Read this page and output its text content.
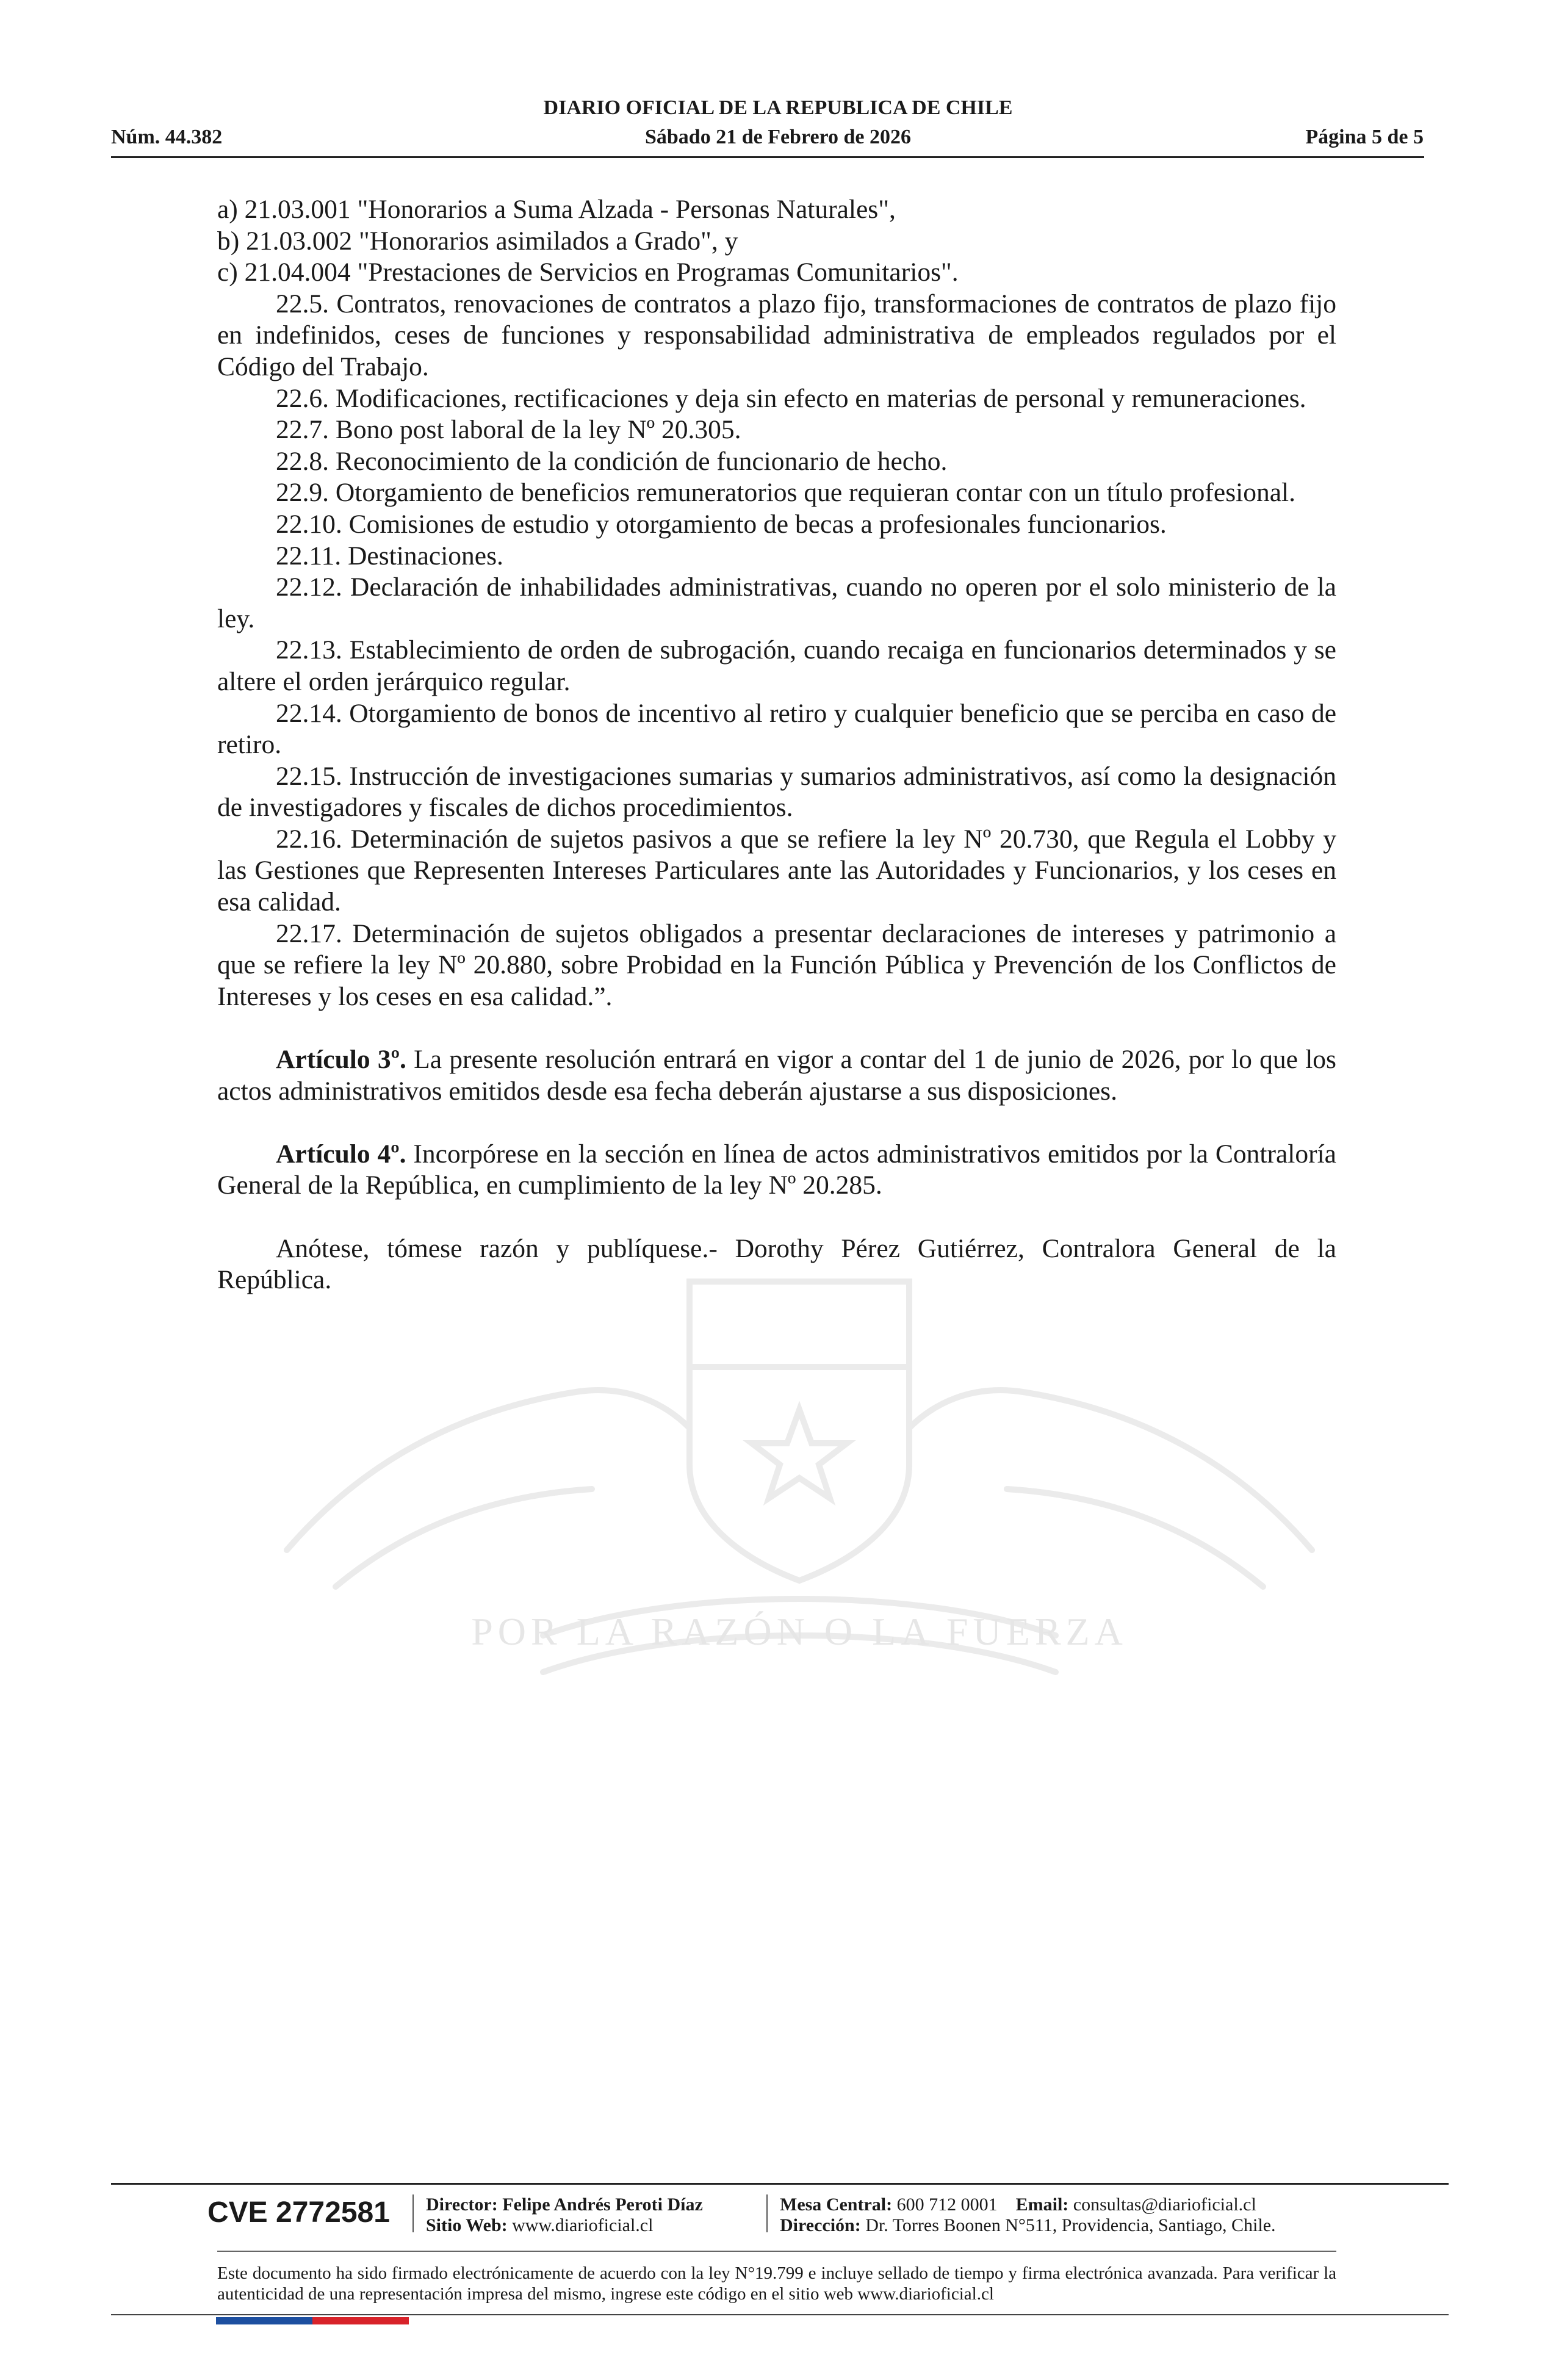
DIARIO OFICIAL DE LA REPUBLICA DE CHILE
Núm. 44.382	Sábado 21 de Febrero de 2026	Página 5 de 5
POR LA RAZÓN O LA FUERZA

a) 21.03.001 "Honorarios a Suma Alzada - Personas Naturales",

b) 21.03.002 "Honorarios asimilados a Grado", y

c) 21.04.004 "Prestaciones de Servicios en Programas Comunitarios".

22.5. Contratos, renovaciones de contratos a plazo fijo, transformaciones de contratos de plazo fijo en indefinidos, ceses de funciones y responsabilidad administrativa de empleados regulados por el Código del Trabajo.

22.6. Modificaciones, rectificaciones y deja sin efecto en materias de personal y remuneraciones.

22.7. Bono post laboral de la ley Nº 20.305.

22.8. Reconocimiento de la condición de funcionario de hecho.

22.9. Otorgamiento de beneficios remuneratorios que requieran contar con un título profesional.

22.10. Comisiones de estudio y otorgamiento de becas a profesionales funcionarios.

22.11. Destinaciones.

22.12. Declaración de inhabilidades administrativas, cuando no operen por el solo ministerio de la ley.

22.13. Establecimiento de orden de subrogación, cuando recaiga en funcionarios determinados y se altere el orden jerárquico regular.

22.14. Otorgamiento de bonos de incentivo al retiro y cualquier beneficio que se perciba en caso de retiro.

22.15. Instrucción de investigaciones sumarias y sumarios administrativos, así como la designación de investigadores y fiscales de dichos procedimientos.

22.16. Determinación de sujetos pasivos a que se refiere la ley Nº 20.730, que Regula el Lobby y las Gestiones que Representen Intereses Particulares ante las Autoridades y Funcionarios, y los ceses en esa calidad.

22.17. Determinación de sujetos obligados a presentar declaraciones de intereses y patrimonio a que se refiere la ley Nº 20.880, sobre Probidad en la Función Pública y Prevención de los Conflictos de Intereses y los ceses en esa calidad.”.

Artículo 3º. La presente resolución entrará en vigor a contar del 1 de junio de 2026, por lo que los actos administrativos emitidos desde esa fecha deberán ajustarse a sus disposiciones.

Artículo 4º. Incorpórese en la sección en línea de actos administrativos emitidos por la Contraloría General de la República, en cumplimiento de la ley Nº 20.285.

Anótese, tómese razón y publíquese.- Dorothy Pérez Gutiérrez, Contralora General de la República.

CVE 2772581 Director: Felipe Andrés Peroti Díaz
Sitio Web: www.diarioficial.cl
Mesa Central: 600 712 0001 Email: consultas@diarioficial.cl
Dirección: Dr. Torres Boonen N°511, Providencia, Santiago, Chile.
Este documento ha sido firmado electrónicamente de acuerdo con la ley N°19.799 e incluye sellado de tiempo y firma electrónica avanzada. Para verificar la autenticidad de una representación impresa del mismo, ingrese este código en el sitio web www.diarioficial.cl
